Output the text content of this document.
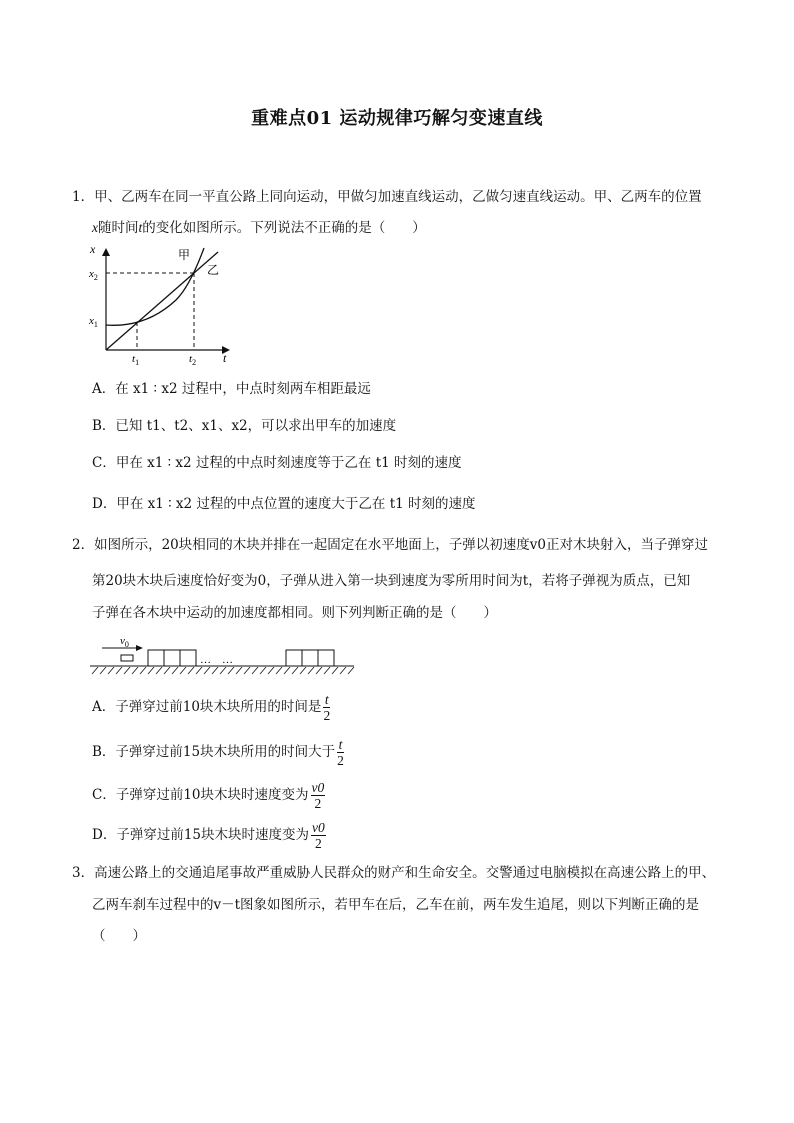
重难点01 运动规律巧解匀变速直线
1．甲、乙两车在同一平直公路上同向运动，甲做匀加速直线运动，乙做匀速直线运动。甲、乙两车的位置
x随时间t的变化如图所示。下列说法不正确的是（　　）
x
t
$x_2$
$x_1$
$t_1$	$t_2$
甲
乙
A．在 x1 ∶ x2 过程中，中点时刻两车相距最远
B．已知 t1、t2、x1、x2，可以求出甲车的加速度
C．甲在 x1 ∶ x2 过程的中点时刻速度等于乙在 t1 时刻的速度
D．甲在 x1 ∶ x2 过程的中点位置的速度大于乙在 t1 时刻的速度
2．如图所示，20块相同的木块并排在一起固定在水平地面上，子弹以初速度v0正对木块射入，当子弹穿过
第20块木块后速度恰好变为0，子弹从进入第一块到速度为零所用时间为t，若将子弹视为质点，已知
子弹在各木块中运动的加速度都相同。则下列判断正确的是（　　）
$v_0$
…　…
A．子弹穿过前10块木块所用的时间是 $\frac{t}{2}$
B．子弹穿过前15块木块所用的时间大于 $\frac{t}{2}$
C．子弹穿过前10块木块时速度变为 $\frac{v0}{2}$
D．子弹穿过前15块木块时速度变为 $\frac{v0}{2}$
3．高速公路上的交通追尾事故严重威胁人民群众的财产和生命安全。交警通过电脑模拟在高速公路上的甲、
乙两车刹车过程中的v－t图象如图所示，若甲车在后，乙车在前，两车发生追尾，则以下判断正确的是
（　　）
